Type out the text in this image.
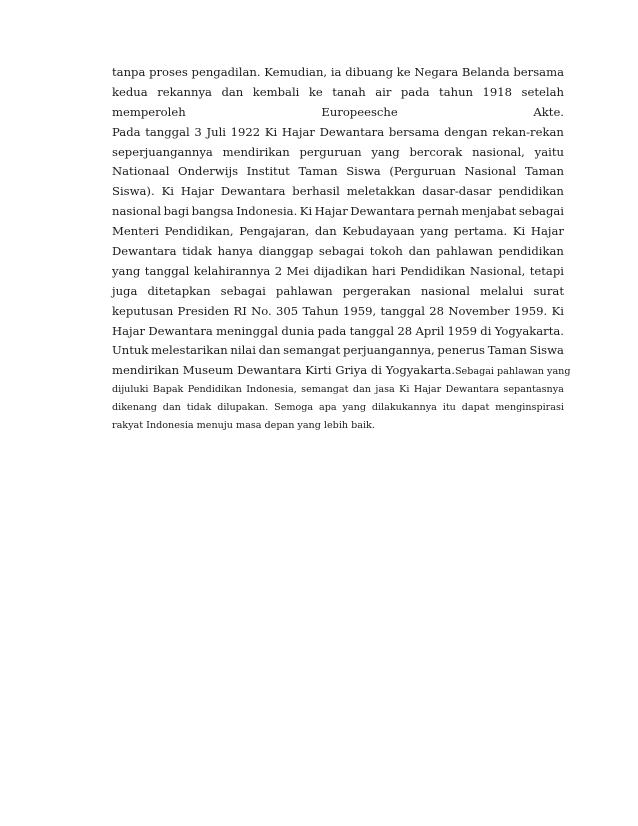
tanpa proses pengadilan. Kemudian, ia dibuang ke Negara Belanda bersama
kedua rekannya dan kembali ke tanah air pada tahun 1918 setelah
memperoleh	Europeesche	Akte.
Pada tanggal 3 Juli 1922 Ki Hajar Dewantara bersama dengan rekan-rekan
seperjuangannya mendirikan perguruan yang bercorak nasional, yaitu
Nationaal Onderwijs Institut Taman Siswa (Perguruan Nasional Taman
Siswa). Ki Hajar Dewantara berhasil meletakkan dasar-dasar pendidikan
nasional bagi bangsa Indonesia. Ki Hajar Dewantara pernah menjabat sebagai
Menteri Pendidikan, Pengajaran, dan Kebudayaan yang pertama. Ki Hajar
Dewantara tidak hanya dianggap sebagai tokoh dan pahlawan pendidikan
yang tanggal kelahirannya 2 Mei dijadikan hari Pendidikan Nasional, tetapi
juga ditetapkan sebagai pahlawan pergerakan nasional melalui surat
keputusan Presiden RI No. 305 Tahun 1959, tanggal 28 November 1959. Ki
Hajar Dewantara meninggal dunia pada tanggal 28 April 1959 di Yogyakarta.
Untuk melestarikan nilai dan semangat perjuangannya, penerus Taman Siswa
mendirikan Museum Dewantara Kirti Griya di Yogyakarta.Sebagai pahlawan yang
dijuluki Bapak Pendidikan Indonesia, semangat dan jasa Ki Hajar Dewantara sepantasnya
dikenang dan tidak dilupakan. Semoga apa yang dilakukannya itu dapat menginspirasi
rakyat Indonesia menuju masa depan yang lebih baik.
